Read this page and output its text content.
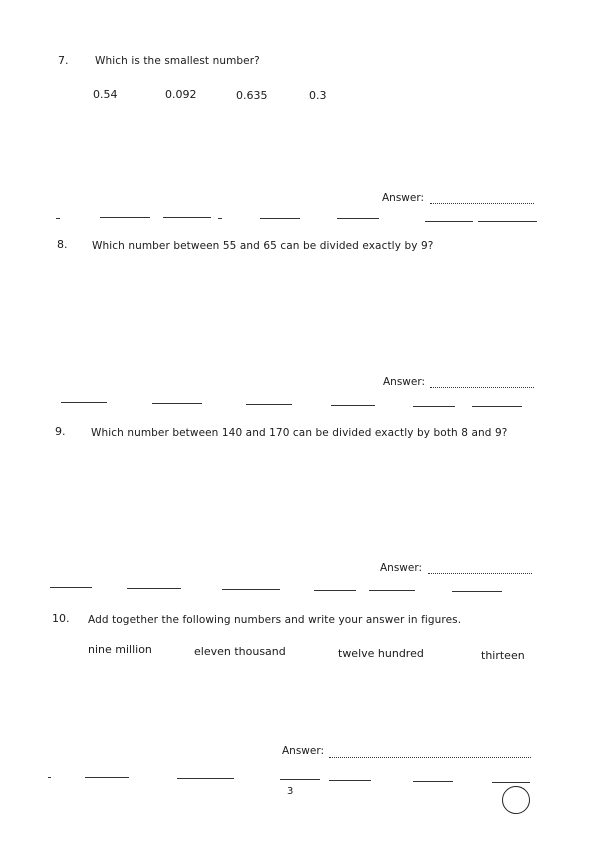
7.	Which is the smallest number?
0.54	0.092	0.635	0.3
Answer:
8. Which number between 55 and 65 can be divided exactly by 9?
Answer:
9. Which number between 140 and 170 can be divided exactly by both 8 and 9?
Answer:
10. Add together the following numbers and write your answer in figures.
nine million	eleven thousand	twelve hundred	thirteen
Answer:
3
